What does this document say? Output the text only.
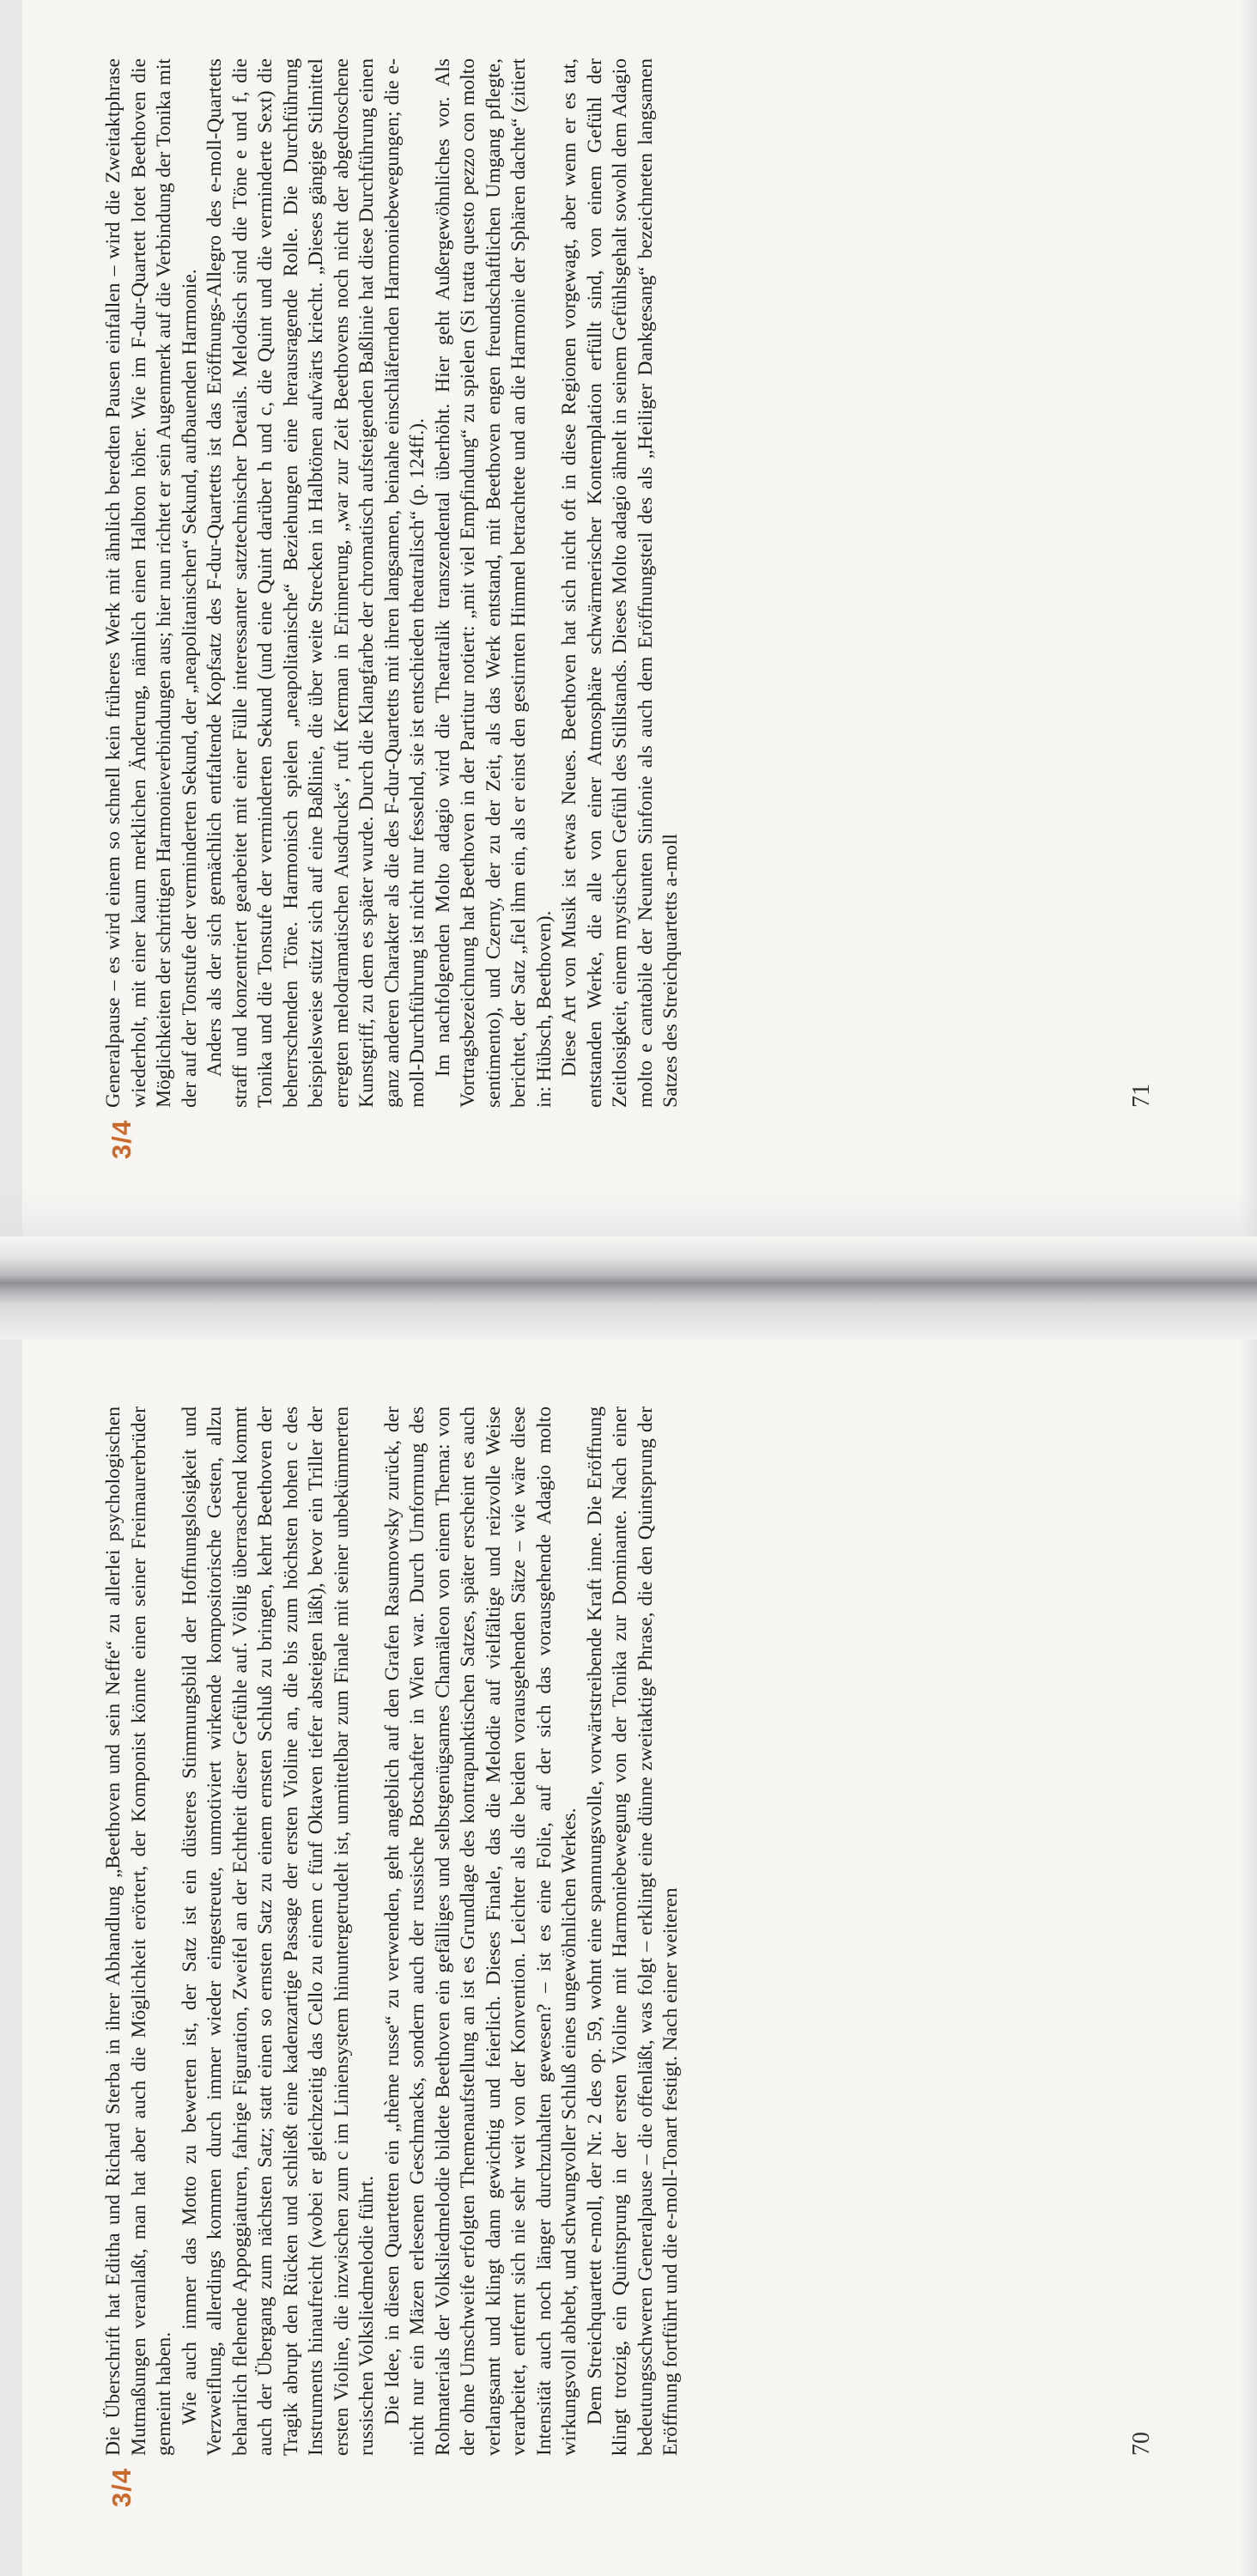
3/4

Generalpause – es wird einem so schnell kein früheres Werk mit ähnlich beredten Pausen einfallen – wird die Zweitaktphrase wiederholt, mit einer kaum merklichen Änderung, nämlich einen Halbton höher. Wie im F-dur-Quartett lotet Beethoven die Möglichkeiten der schrittigen Harmonieverbindungen aus; hier nun richtet er sein Augenmerk auf die Verbindung der Tonika mit der auf der Tonstufe der verminderten Sekund, der „neapolitanischen“ Sekund, aufbauenden Harmonie. Anders als der sich gemächlich entfaltende Kopfsatz des F-dur-Quartetts ist das Eröffnungs-Allegro des e-moll-Quartetts straff und konzentriert gearbeitet mit einer Fülle interessanter satztechnischer Details. Melodisch sind die Töne e und f, die Tonika und die Tonstufe der verminderten Sekund (und eine Quint darüber h und c, die Quint und die verminderte Sext) die beherrschenden Töne. Harmonisch spielen „neapolitanische“ Beziehungen eine herausragende Rolle. Die Durchführung beispielsweise stützt sich auf eine Baßlinie, die über weite Strecken in Halbtönen aufwärts kriecht. „Dieses gängige Stilmittel erregten melodramatischen Ausdrucks“, ruft Kerman in Erinnerung, „war zur Zeit Beethovens noch nicht der abgedroschene Kunstgriff, zu dem es später wurde. Durch die Klangfarbe der chromatisch aufsteigenden Baßlinie hat diese Durchführung einen ganz anderen Charakter als die des F-dur-Quartetts mit ihren langsamen, beinahe einschläfernden Harmoniebewegungen; die e-moll-Durchführung ist nicht nur fesselnd, sie ist entschieden theatralisch“ (p. 124ff.). Im nachfolgenden Molto adagio wird die Theatralik transzendental überhöht. Hier geht Außergewöhnliches vor. Als Vortragsbezeichnung hat Beethoven in der Partitur notiert: „mit viel Empfindung“ zu spielen (Si tratta questo pezzo con molto sentimento), und Czerny, der zu der Zeit, als das Werk entstand, mit Beethoven engen freundschaftlichen Umgang pflegte, berichtet, der Satz „fiel ihm ein, als er einst den gestirnten Himmel betrachtete und an die Harmonie der Sphären dachte“ (zitiert in: Hübsch, Beethoven). Diese Art von Musik ist etwas Neues. Beethoven hat sich nicht oft in diese Regionen vorgewagt, aber wenn er es tat, entstanden Werke, die alle von einer Atmosphäre schwärmerischer Kontemplation erfüllt sind, von einem Gefühl der Zeitlosigkeit, einem mystischen Gefühl des Stillstands. Dieses Molto adagio ähnelt in seinem Gefühlsgehalt sowohl dem Adagio molto e cantabile der Neunten Sinfonie als auch dem Eröffnungsteil des als „Heiliger Dankgesang“ bezeichneten langsamen Satzes des Streichquartetts a-moll	71
3/4

Die Überschrift hat Editha und Richard Sterba in ihrer Abhandlung „Beethoven und sein Neffe“ zu allerlei psychologischen Mutmaßungen veranlaßt, man hat aber auch die Möglichkeit erörtert, der Komponist könnte einen seiner Freimaurerbrüder gemeint haben. Wie auch immer das Motto zu bewerten ist, der Satz ist ein düsteres Stimmungsbild der Hoffnungslosigkeit und Verzweiflung, allerdings kommen durch immer wieder eingestreute, unmotiviert wirkende kompositorische Gesten, allzu beharrlich flehende Appoggiaturen, fahrige Figuration, Zweifel an der Echtheit dieser Gefühle auf. Völlig überraschend kommt auch der Übergang zum nächsten Satz; statt einen so ernsten Satz zu einem ernsten Schluß zu bringen, kehrt Beethoven der Tragik abrupt den Rücken und schließt eine kadenzartige Passage der ersten Violine an, die bis zum höchsten hohen c des Instruments hinaufreicht (wobei er gleichzeitig das Cello zu einem c fünf Oktaven tiefer absteigen läßt), bevor ein Triller der ersten Violine, die inzwischen zum c im Liniensystem hinuntergetrudelt ist, unmittelbar zum Finale mit seiner unbekümmerten russischen Volksliedmelodie führt. Die Idee, in diesen Quartetten ein „thème russe“ zu verwenden, geht angeblich auf den Grafen Rasumowsky zurück, der nicht nur ein Mäzen erlesenen Geschmacks, sondern auch der russische Botschafter in Wien war. Durch Umformung des Rohmaterials der Volksliedmelodie bildete Beethoven ein gefälliges und selbstgenügsames Chamäleon von einem Thema: von der ohne Umschweife erfolgten Themenaufstellung an ist es Grundlage des kontrapunktischen Satzes, später erscheint es auch verlangsamt und klingt dann gewichtig und feierlich. Dieses Finale, das die Melodie auf vielfältige und reizvolle Weise verarbeitet, entfernt sich nie sehr weit von der Konvention. Leichter als die beiden vorausgehenden Sätze – wie wäre diese Intensität auch noch länger durchzuhalten gewesen? – ist es eine Folie, auf der sich das vorausgehende Adagio molto wirkungsvoll abhebt, und schwungvoller Schluß eines ungewöhnlichen Werkes. Dem Streichquartett e-moll, der Nr. 2 des op. 59, wohnt eine spannungsvolle, vorwärtstreibende Kraft inne. Die Eröffnung klingt trotzig, ein Quintsprung in der ersten Violine mit Harmoniebewegung von der Tonika zur Dominante. Nach einer bedeutungsschweren Generalpause – die offenläßt, was folgt – erklingt eine dünne zweitaktige Phrase, die den Quintsprung der Eröffnung fortführt und die e-moll-Tonart festigt. Nach einer weiteren	70
